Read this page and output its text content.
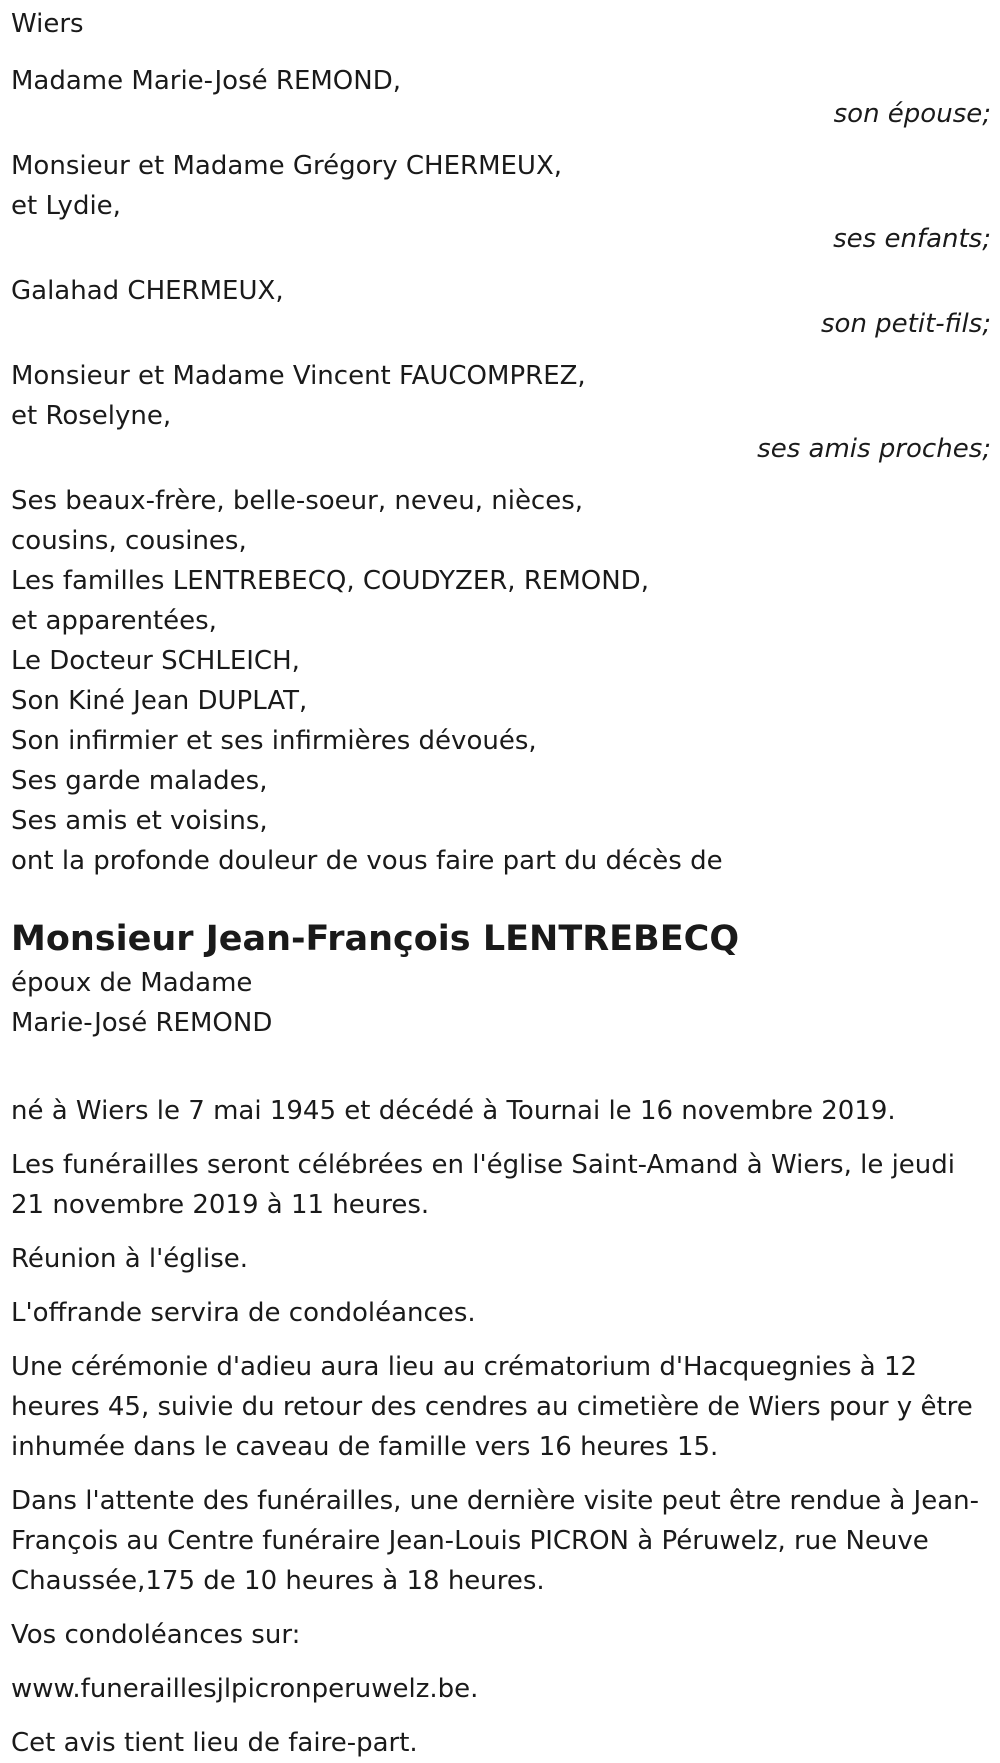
Wiers
Madame Marie-José REMOND,
son épouse;
Monsieur et Madame Grégory CHERMEUX,
et Lydie,
ses enfants;
Galahad CHERMEUX,
son petit-fils;
Monsieur et Madame Vincent FAUCOMPREZ,
et Roselyne,
ses amis proches;
Ses beaux-frère, belle-soeur, neveu, nièces,
cousins, cousines,
Les familles LENTREBECQ, COUDYZER, REMOND,
et apparentées,
Le Docteur SCHLEICH,
Son Kiné Jean DUPLAT,
Son infirmier et ses infirmières dévoués,
Ses garde malades,
Ses amis et voisins,
ont la profonde douleur de vous faire part du décès de
Monsieur Jean-François LENTREBECQ
époux de Madame
Marie-José REMOND
né à Wiers le 7 mai 1945 et décédé à Tournai le 16 novembre 2019.
Les funérailles seront célébrées en l'église Saint-Amand à Wiers, le jeudi 21 novembre 2019 à 11 heures.
Réunion à l'église.
L'offrande servira de condoléances.
Une cérémonie d'adieu aura lieu au crématorium d'Hacquegnies à 12 heures 45, suivie du retour des cendres au cimetière de Wiers pour y être inhumée dans le caveau de famille vers 16 heures 15.
Dans l'attente des funérailles, une dernière visite peut être rendue à Jean-François au Centre funéraire Jean-Louis PICRON à Péruwelz, rue Neuve Chaussée,175 de 10 heures à 18 heures.
Vos condoléances sur:
www.funeraillesjlpicronperuwelz.be.
Cet avis tient lieu de faire-part.
